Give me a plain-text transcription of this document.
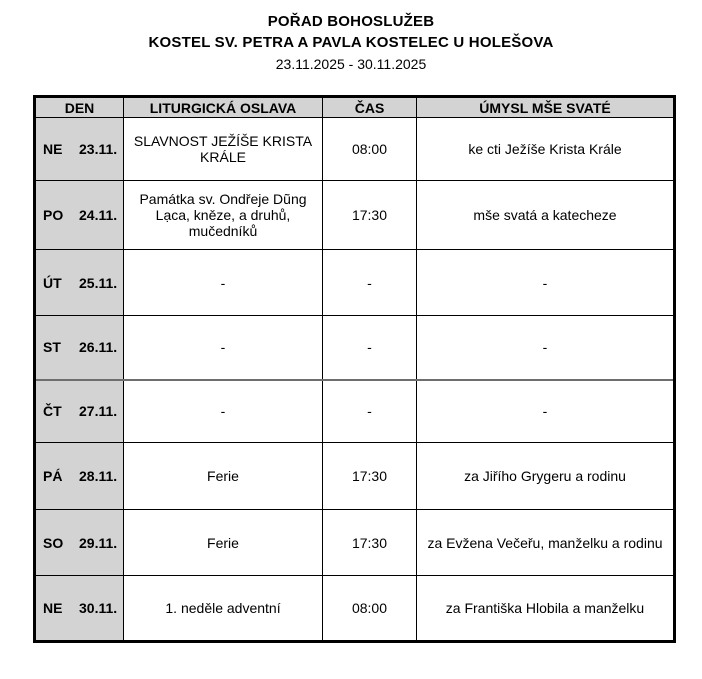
POŘAD BOHOSLUŽEB
KOSTEL SV. PETRA A PAVLA KOSTELEC U HOLEŠOVA
23.11.2025 - 30.11.2025
DEN	LITURGICKÁ OSLAVA	ČAS	ÚMYSL MŠE SVATÉ
NE 23.11.	SLAVNOST JEŽÍŠE KRISTA KRÁLE	08:00	ke cti Ježíše Krista Krále
PO 24.11.	Památka sv. Ondřeje Dũng Lạca, kněze, a druhů, mučedníků	17:30	mše svatá a katecheze
ÚT 25.11.	-	-	-
ST 26.11.	-	-	-
ČT 27.11.	-	-	-
PÁ 28.11.	Ferie	17:30	za Jiřího Grygeru a rodinu
SO 29.11.	Ferie	17:30	za Evžena Večeřu, manželku a rodinu
NE 30.11.	1. neděle adventní	08:00	za Františka Hlobila a manželku
